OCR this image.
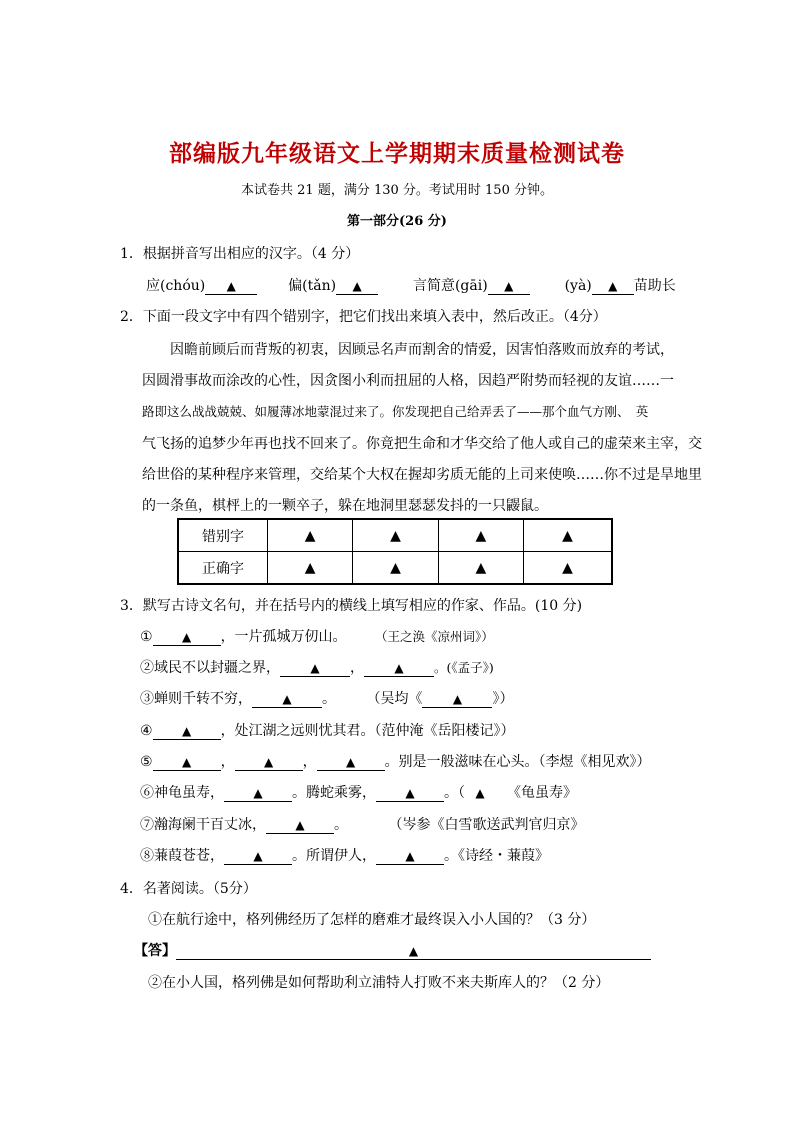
部编版九年级语文上学期期末质量检测试卷
本试卷共 21 题，满分 130 分。考试用时 150 分钟。
第一部分(26 分)
1．根据拼音写出相应的汉字。（4 分）
应(chóu) ▲	偏(tǎn) ▲	言简意(gāi) ▲	(yà) ▲ 苗助长
2．下面一段文字中有四个错别字，把它们找出来填入表中，然后改正。（4分）
因瞻前顾后而背叛的初衷，因顾忌名声而割舍的情爱，因害怕落败而放弃的考试，
因圆滑事故而涂改的心性，因贪图小利而扭屈的人格，因趋严附势而轻视的友谊……一
路即这么战战兢兢、如履薄冰地蒙混过来了。你发现把自己给弄丢了——那个血气方刚、　英
气飞扬的追梦少年再也找不回来了。你竟把生命和才华交给了他人或自己的虚荣来主宰，交
给世俗的某种程序来管理，交给某个大权在握却劣质无能的上司来使唤……你不过是旱地里
的一条鱼，棋枰上的一颗卒子，躲在地洞里瑟瑟发抖的一只鼹鼠。
错别字	▲	▲	▲	▲
正确字	▲	▲	▲	▲
3．默写古诗文名句，并在括号内的横线上填写相应的作家、作品。(10 分)
① ▲ ，一片孤城万仞山。 （王之涣《凉州词》）
②域民不以封疆之界，	▲ ，	▲ 。(《孟子》)
③蝉则千转不穷，	▲ 。 （吴均《	▲ 》）
④ ▲ ，处江湖之远则忧其君。（范仲淹《岳阳楼记》）
⑤ ▲ ， ▲ ， ▲ 。别是一般滋味在心头。（李煜《相见欢》）
⑥神龟虽寿， ▲ 。腾蛇乘雾， ▲ 。（ ▲ 《龟虽寿》
⑦瀚海阑干百丈冰， ▲ 。	（岑参《白雪歌送武判官归京》
⑧蒹葭苍苍， ▲ 。所谓伊人， ▲ 。《诗经・蒹葭》
4．名著阅读。（5分）
①在航行途中，格列佛经历了怎样的磨难才最终误入小人国的？（3 分）
【答】	▲
②在小人国，格列佛是如何帮助利立浦特人打败不来夫斯库人的？（2 分）
